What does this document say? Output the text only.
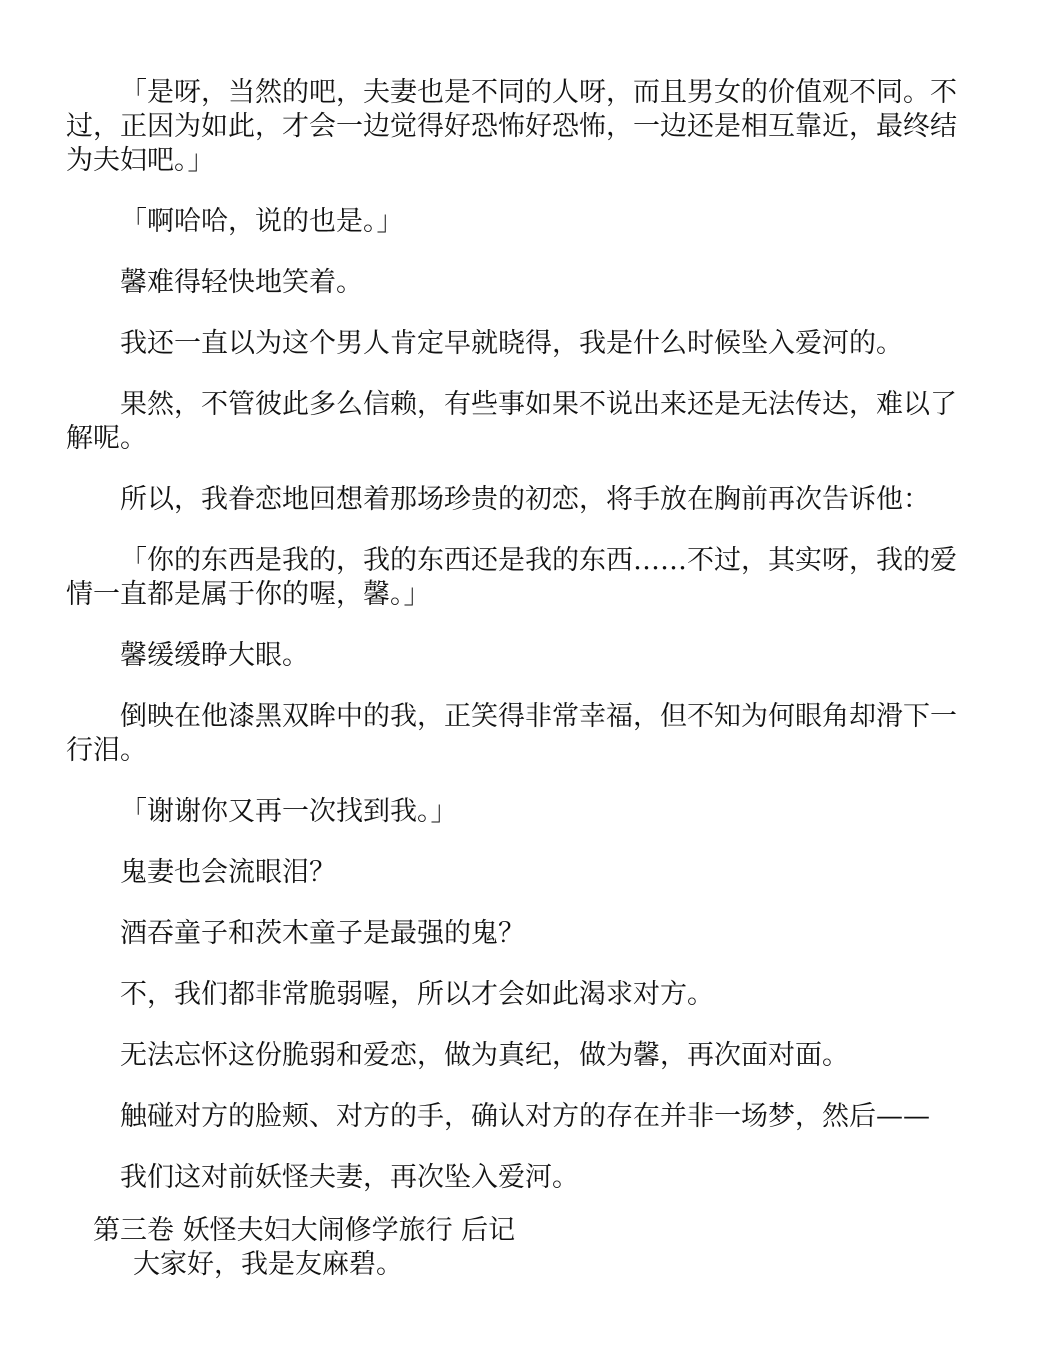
「是呀，当然的吧，夫妻也是不同的人呀，而且男女的价值观不同。不过，正因为如此，才会一边觉得好恐怖好恐怖，一边还是相互靠近，最终结为夫妇吧。」

「啊哈哈，说的也是。」

馨难得轻快地笑着。

我还一直以为这个男人肯定早就晓得，我是什么时候坠入爱河的。

果然，不管彼此多么信赖，有些事如果不说出来还是无法传达，难以了解呢。

所以，我眷恋地回想着那场珍贵的初恋，将手放在胸前再次告诉他：

「你的东西是我的，我的东西还是我的东西……不过，其实呀，我的爱情一直都是属于你的喔，馨。」

馨缓缓睁大眼。

倒映在他漆黑双眸中的我，正笑得非常幸福，但不知为何眼角却滑下一行泪。

「谢谢你又再一次找到我。」

鬼妻也会流眼泪？

酒吞童子和茨木童子是最强的鬼？

不，我们都非常脆弱喔，所以才会如此渴求对方。

无法忘怀这份脆弱和爱恋，做为真纪，做为馨，再次面对面。

触碰对方的脸颊、对方的手，确认对方的存在并非一场梦，然后——

我们这对前妖怪夫妻，再次坠入爱河。

第三卷 妖怪夫妇大闹修学旅行 后记

大家好，我是友麻碧。
